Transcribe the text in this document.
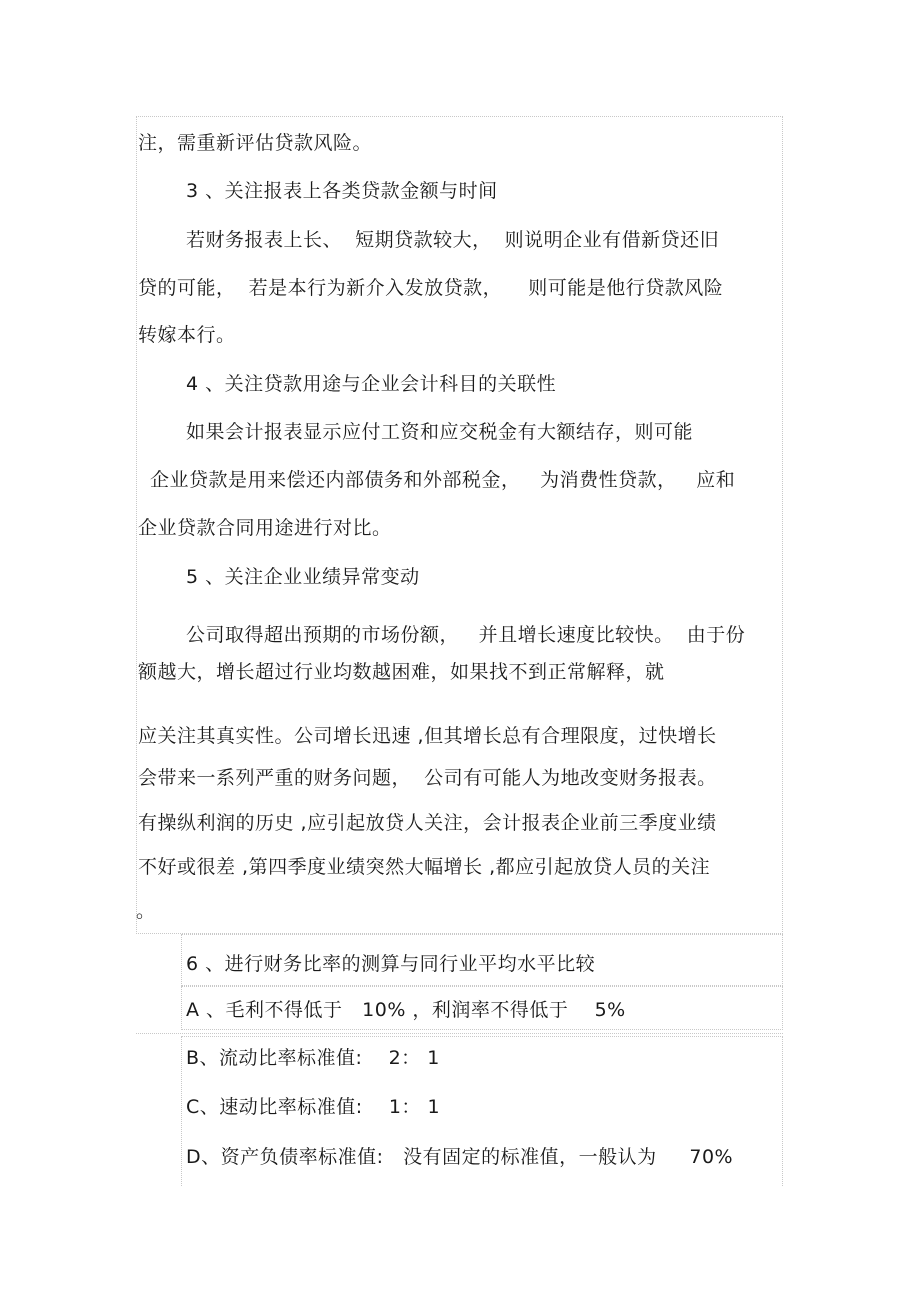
注，需重新评估贷款风险。
3 、关注报表上各类贷款金额与时间
若财务报表上长、  短期贷款较大，  则说明企业有借新贷还旧
贷的可能，  若是本行为新介入发放贷款，    则可能是他行贷款风险
转嫁本行。
4 、关注贷款用途与企业会计科目的关联性
如果会计报表显示应付工资和应交税金有大额结存，则可能
企业贷款是用来偿还内部债务和外部税金，   为消费性贷款，   应和
企业贷款合同用途进行对比。
5 、关注企业业绩异常变动
公司取得超出预期的市场份额，   并且增长速度比较快。  由于份
额越大，增长超过行业均数越困难，如果找不到正常解释，就
应关注其真实性。公司增长迅速 ,但其增长总有合理限度，过快增长
会带来一系列严重的财务问题，  公司有可能人为地改变财务报表。
有操纵利润的历史 ,应引起放贷人关注，会计报表企业前三季度业绩
不好或很差 ,第四季度业绩突然大幅增长 ,都应引起放贷人员的关注
。
6 、进行财务比率的测算与同行业平均水平比较
A 、毛利不得低于   10% ，利润率不得低于    5%
B、流动比率标准值:    2： 1
C、速动比率标准值:    1： 1
D、资产负债率标准值:   没有固定的标准值，一般认为     70%
